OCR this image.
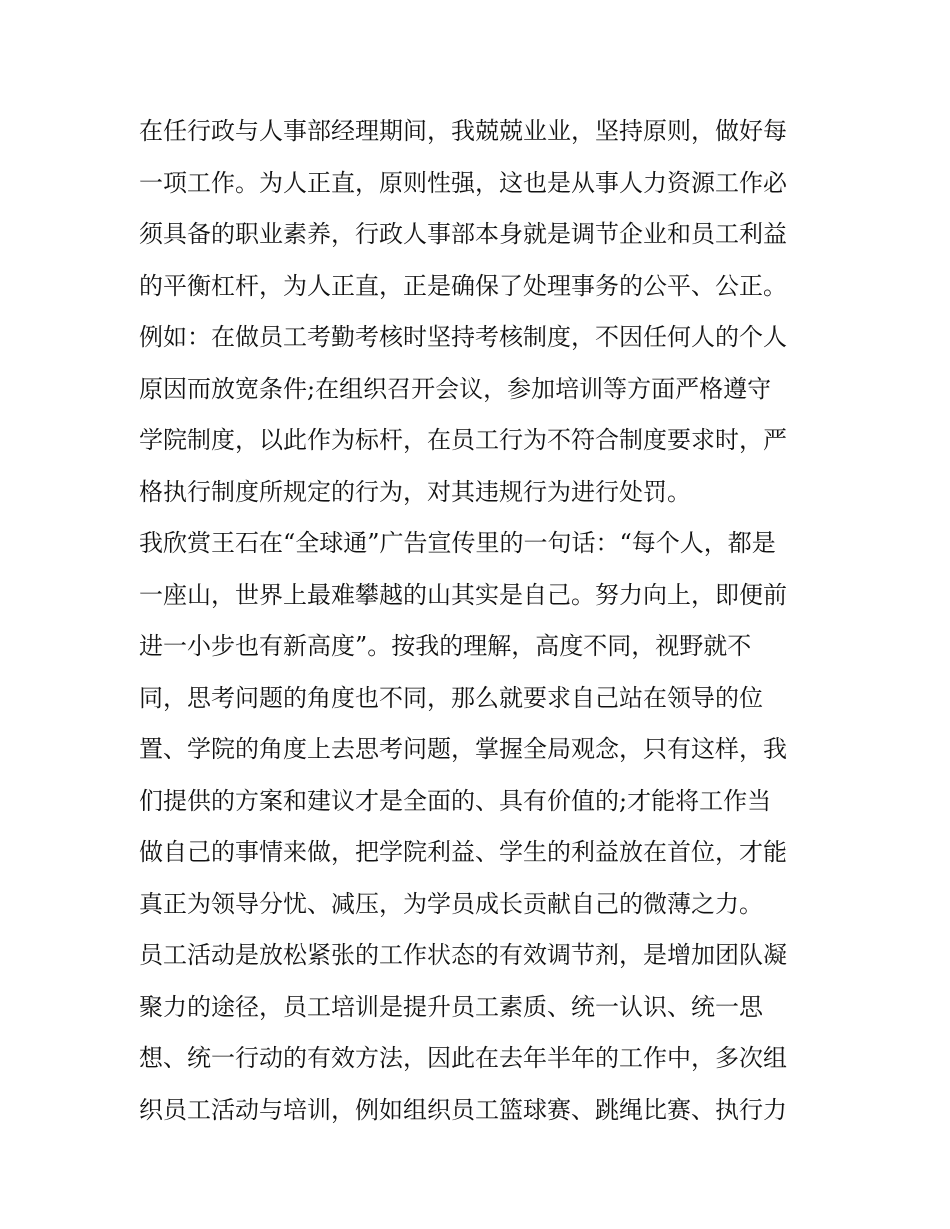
在任行政与人事部经理期间，我兢兢业业，坚持原则，做好每
一项工作。为人正直，原则性强，这也是从事人力资源工作必
须具备的职业素养，行政人事部本身就是调节企业和员工利益
的平衡杠杆，为人正直，正是确保了处理事务的公平、公正。
例如：在做员工考勤考核时坚持考核制度，不因任何人的个人
原因而放宽条件;在组织召开会议，参加培训等方面严格遵守
学院制度，以此作为标杆，在员工行为不符合制度要求时，严
格执行制度所规定的行为，对其违规行为进行处罚。
我欣赏王石在“全球通”广告宣传里的一句话：“每个人，都是
一座山，世界上最难攀越的山其实是自己。努力向上，即便前
进一小步也有新高度”。按我的理解，高度不同，视野就不
同，思考问题的角度也不同，那么就要求自己站在领导的位
置、学院的角度上去思考问题，掌握全局观念，只有这样，我
们提供的方案和建议才是全面的、具有价值的;才能将工作当
做自己的事情来做，把学院利益、学生的利益放在首位，才能
真正为领导分忧、减压，为学员成长贡献自己的微薄之力。
员工活动是放松紧张的工作状态的有效调节剂，是增加团队凝
聚力的途径，员工培训是提升员工素质、统一认识、统一思
想、统一行动的有效方法，因此在去年半年的工作中，多次组
织员工活动与培训，例如组织员工篮球赛、跳绳比赛、执行力
